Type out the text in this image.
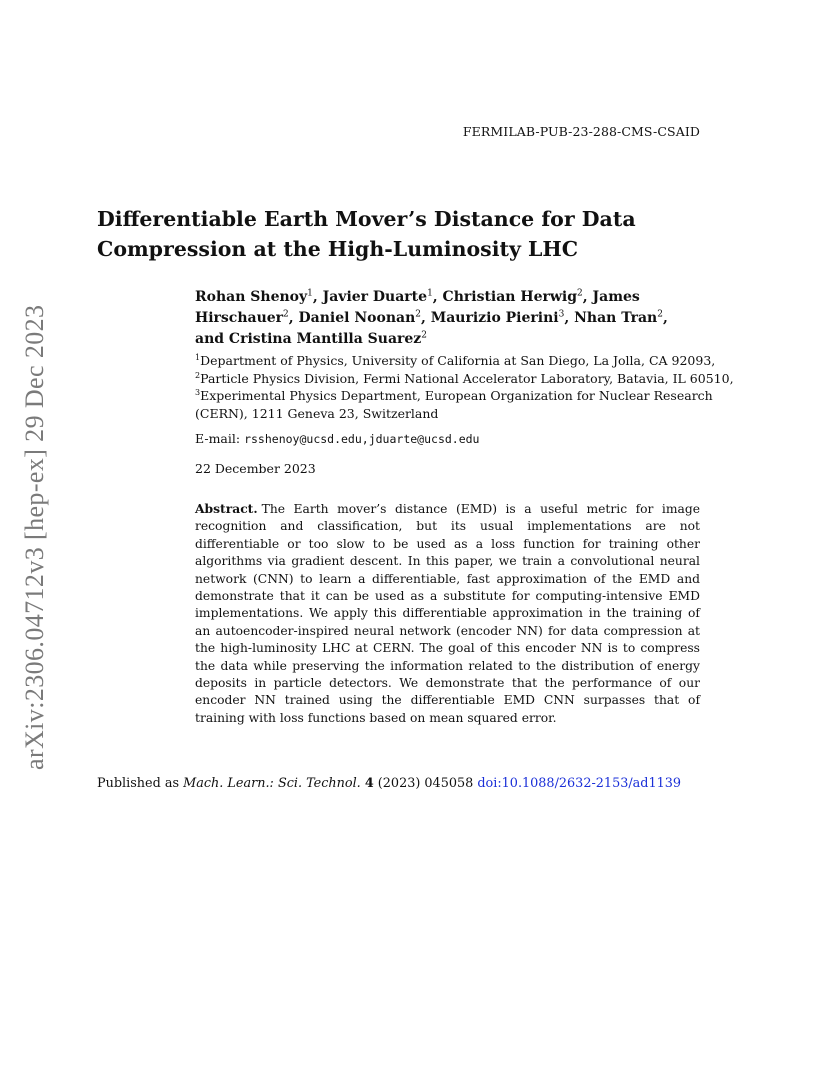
FERMILAB-PUB-23-288-CMS-CSAID
arXiv:2306.04712v3 [hep-ex] 29 Dec 2023
Differentiable Earth Mover’s Distance for Data
Compression at the High-Luminosity LHC
Rohan Shenoy$^1$, Javier Duarte$^1$, Christian Herwig$^2$, James
Hirschauer$^2$, Daniel Noonan$^2$, Maurizio Pierini$^3$, Nhan Tran$^2$,
and Cristina Mantilla Suarez$^2$
$^1$Department of Physics, University of California at San Diego, La Jolla, CA 92093,
$^2$Particle Physics Division, Fermi National Accelerator Laboratory, Batavia, IL 60510,
$^3$Experimental Physics Department, European Organization for Nuclear Research
(CERN), 1211 Geneva 23, Switzerland
E-mail: rsshenoy@ucsd.edu,jduarte@ucsd.edu
22 December 2023
Abstract. The Earth mover’s distance (EMD) is a useful metric for image recognition and classification, but its usual implementations are not differentiable or too slow to be used as a loss function for training other algorithms via gradient descent. In this paper, we train a convolutional neural network (CNN) to learn a differentiable, fast approximation of the EMD and demonstrate that it can be used as a substitute for computing-intensive EMD implementations. We apply this differentiable approximation in the training of an autoencoder-inspired neural network (encoder NN) for data compression at the high-luminosity LHC at CERN. The goal of this encoder NN is to compress the data while preserving the information related to the distribution of energy deposits in particle detectors. We demonstrate that the performance of our encoder NN trained using the differentiable EMD CNN surpasses that of training with loss functions based on mean squared error.
Published as Mach. Learn.: Sci. Technol. 4 (2023) 045058 doi:10.1088/2632-2153/ad1139
